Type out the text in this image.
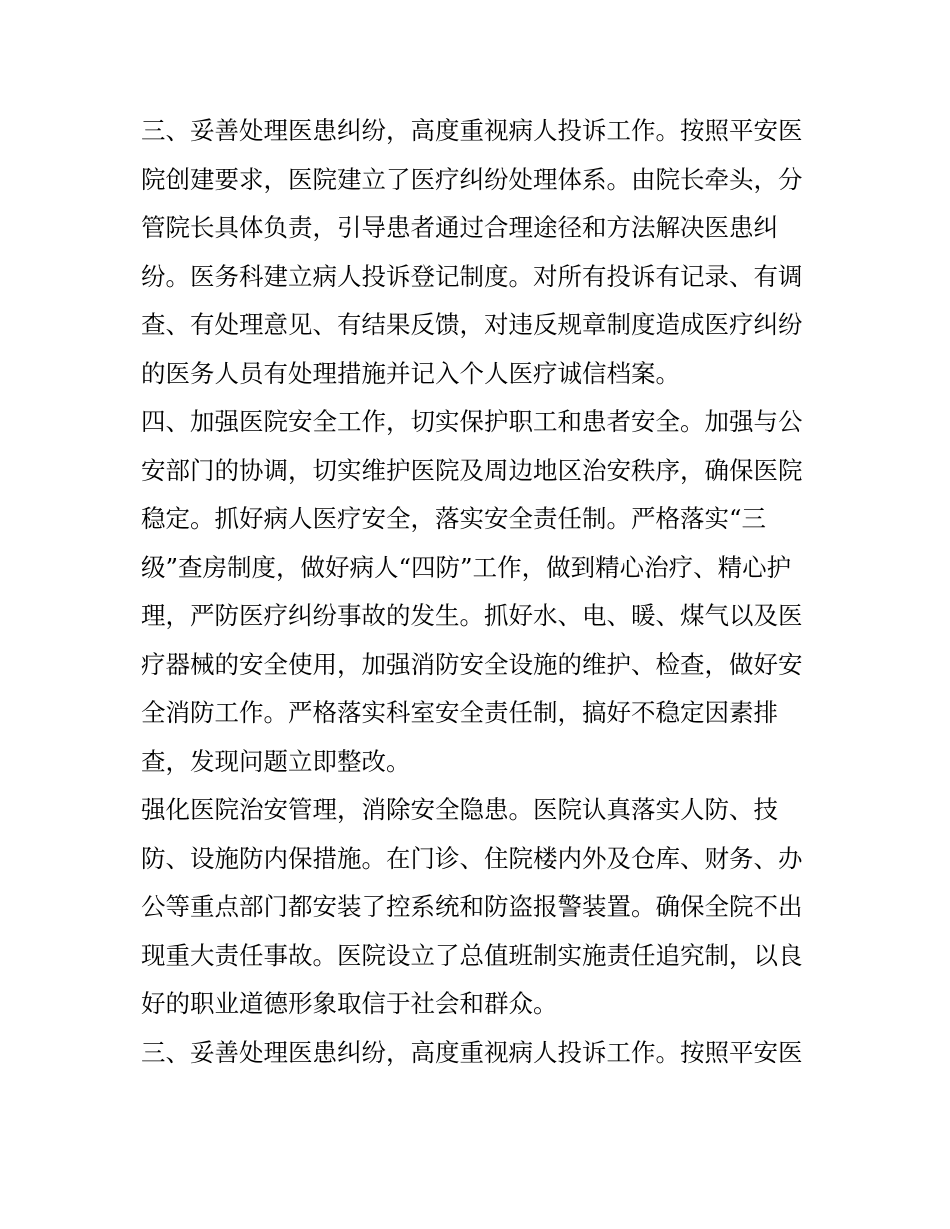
三、妥善处理医患纠纷，高度重视病人投诉工作。按照平安医
院创建要求，医院建立了医疗纠纷处理体系。由院长牵头，分
管院长具体负责，引导患者通过合理途径和方法解决医患纠
纷。医务科建立病人投诉登记制度。对所有投诉有记录、有调
查、有处理意见、有结果反馈，对违反规章制度造成医疗纠纷
的医务人员有处理措施并记入个人医疗诚信档案。
四、加强医院安全工作，切实保护职工和患者安全。加强与公
安部门的协调，切实维护医院及周边地区治安秩序，确保医院
稳定。抓好病人医疗安全，落实安全责任制。严格落实“三
级”查房制度，做好病人“四防”工作，做到精心治疗、精心护
理，严防医疗纠纷事故的发生。抓好水、电、暖、煤气以及医
疗器械的安全使用，加强消防安全设施的维护、检查，做好安
全消防工作。严格落实科室安全责任制，搞好不稳定因素排
查，发现问题立即整改。
强化医院治安管理，消除安全隐患。医院认真落实人防、技
防、设施防内保措施。在门诊、住院楼内外及仓库、财务、办
公等重点部门都安装了控系统和防盗报警装置。确保全院不出
现重大责任事故。医院设立了总值班制实施责任追究制，以良
好的职业道德形象取信于社会和群众。
三、妥善处理医患纠纷，高度重视病人投诉工作。按照平安医
